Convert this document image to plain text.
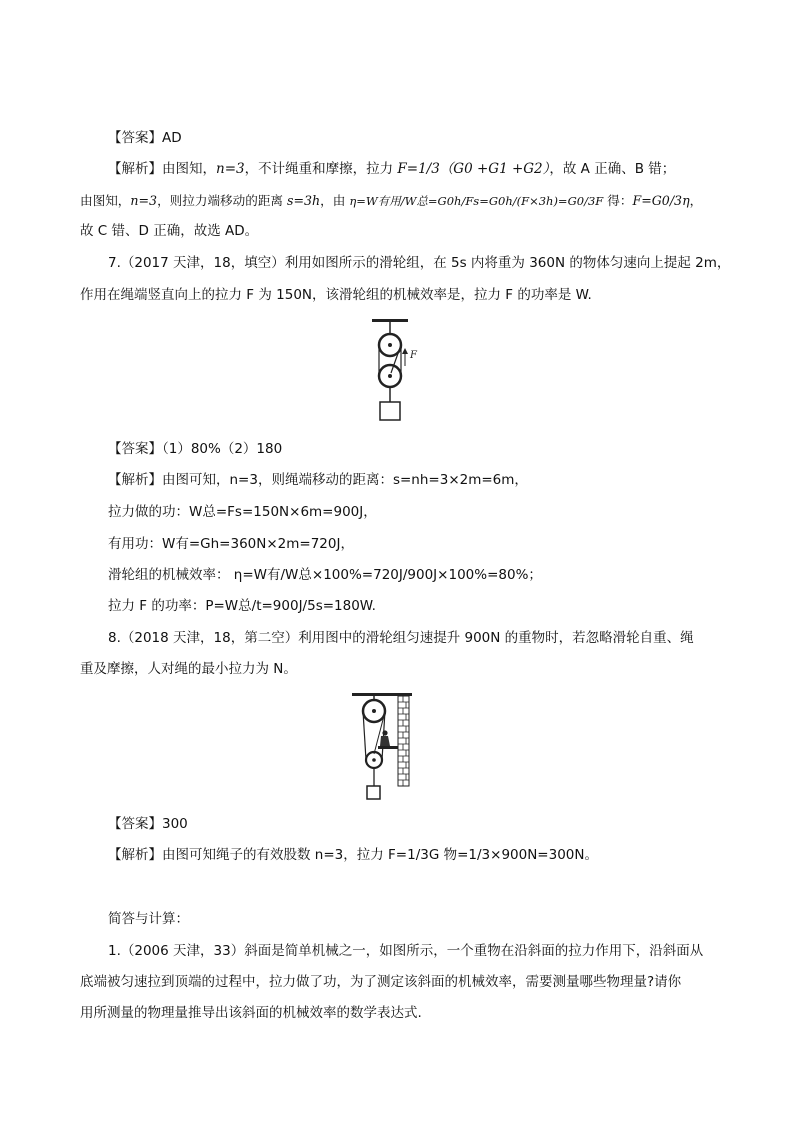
【答案】AD
【解析】由图知，n=3，不计绳重和摩擦，拉力 F=1/3（G0 +G1 +G2），故 A 正确、B 错；
由图知，n=3，则拉力端移动的距离 s=3h，由 η=W有用/W总=G0h/Fs=G0h/(F×3h)=G0/3F 得：F=G0/3η，
故 C 错、D 正确，故选 AD。
7.（2017 天津，18，填空）利用如图所示的滑轮组，在 5s 内将重为 360N 的物体匀速向上提起 2m，
作用在绳端竖直向上的拉力 F 为 150N，该滑轮组的机械效率是，拉力 F 的功率是 W.
F
【答案】（1）80%（2）180
【解析】由图可知，n=3，则绳端移动的距离：s=nh=3×2m=6m，
拉力做的功：W总=Fs=150N×6m=900J，
有用功：W有=Gh=360N×2m=720J，
滑轮组的机械效率： η=W有/W总×100%=720J/900J×100%=80%；
拉力 F 的功率：P=W总/t=900J/5s=180W.
8.（2018 天津，18，第二空）利用图中的滑轮组匀速提升 900N 的重物时，若忽略滑轮自重、绳
重及摩擦，人对绳的最小拉力为 N。
【答案】300
【解析】由图可知绳子的有效股数 n=3，拉力 F=1/3G 物=1/3×900N=300N。
简答与计算：
1.（2006 天津，33）斜面是简单机械之一，如图所示，一个重物在沿斜面的拉力作用下，沿斜面从
底端被匀速拉到顶端的过程中，拉力做了功，为了测定该斜面的机械效率，需要测量哪些物理量?请你
用所测量的物理量推导出该斜面的机械效率的数学表达式.
